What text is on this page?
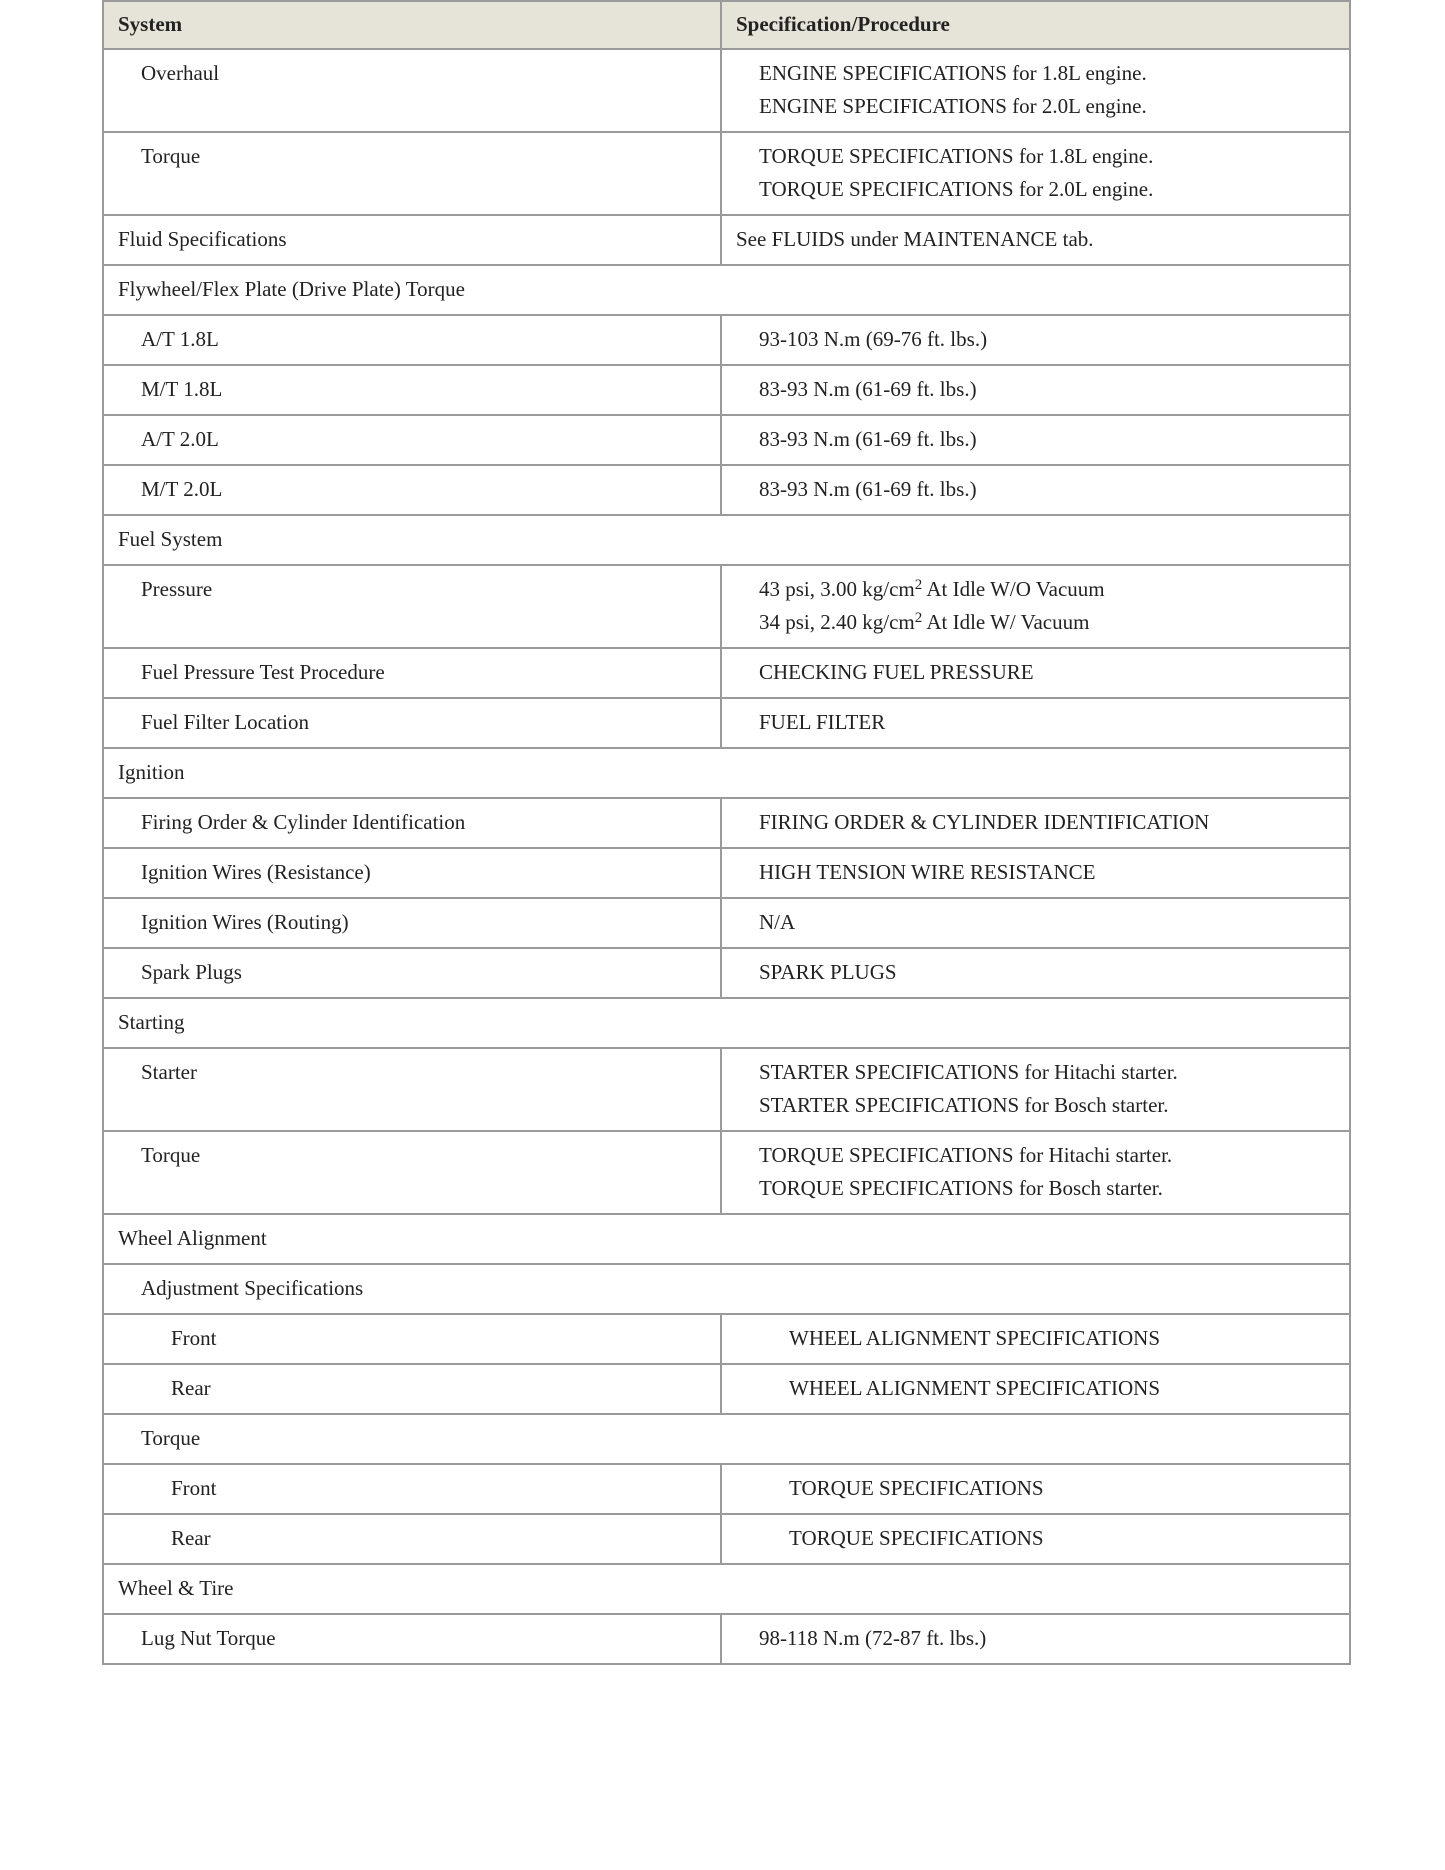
System	Specification/Procedure
Overhaul	ENGINE SPECIFICATIONS for 1.8L engine.
ENGINE SPECIFICATIONS for 2.0L engine.

Torque	TORQUE SPECIFICATIONS for 1.8L engine.
TORQUE SPECIFICATIONS for 2.0L engine.

Fluid Specifications	See FLUIDS under MAINTENANCE tab.
Flywheel/Flex Plate (Drive Plate) Torque	
A/T 1.8L	93-103 N.m (69-76 ft. lbs.)
M/T 1.8L	83-93 N.m (61-69 ft. lbs.)
A/T 2.0L	83-93 N.m (61-69 ft. lbs.)
M/T 2.0L	83-93 N.m (61-69 ft. lbs.)
Fuel System	
Pressure	43 psi, 3.00 $kg/cm^2$ At Idle W/O Vacuum
34 psi, 2.40 $kg/cm^2$ At Idle W/ Vacuum

Fuel Pressure Test Procedure	CHECKING FUEL PRESSURE
Fuel Filter Location	FUEL FILTER
Ignition	
Firing Order & Cylinder Identification	FIRING ORDER & CYLINDER IDENTIFICATION
Ignition Wires (Resistance)	HIGH TENSION WIRE RESISTANCE
Ignition Wires (Routing)	N/A
Spark Plugs	SPARK PLUGS
Starting	
Starter	STARTER SPECIFICATIONS for Hitachi starter.
STARTER SPECIFICATIONS for Bosch starter.

Torque	TORQUE SPECIFICATIONS for Hitachi starter.
TORQUE SPECIFICATIONS for Bosch starter.

Wheel Alignment	
Adjustment Specifications	
Front	WHEEL ALIGNMENT SPECIFICATIONS
Rear	WHEEL ALIGNMENT SPECIFICATIONS
Torque	
Front	TORQUE SPECIFICATIONS
Rear	TORQUE SPECIFICATIONS
Wheel & Tire	
Lug Nut Torque	98-118 N.m (72-87 ft. lbs.)
